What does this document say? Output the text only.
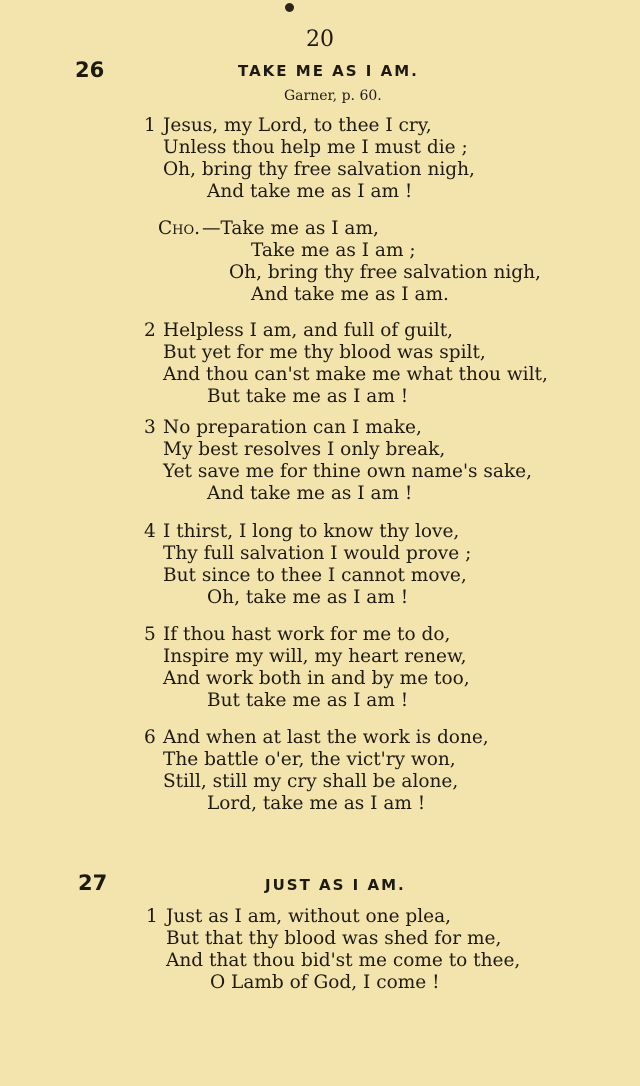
20
26	TAKE ME AS I AM.
Garner, p. 60.
1 Jesus, my Lord, to thee I cry,
Unless thou help me I must die ;
Oh, bring thy free salvation nigh,
And take me as I am !
Cho. —Take me as I am,
Take me as I am ;
Oh, bring thy free salvation nigh,
And take me as I am.
2 Helpless I am, and full of guilt,
But yet for me thy blood was spilt,
And thou can'st make me what thou wilt,
But take me as I am !
3 No preparation can I make,
My best resolves I only break,
Yet save me for thine own name's sake,
And take me as I am !
4 I thirst, I long to know thy love,
Thy full salvation I would prove ;
But since to thee I cannot move,
Oh, take me as I am !
5 If thou hast work for me to do,
Inspire my will, my heart renew,
And work both in and by me too,
But take me as I am !
6 And when at last the work is done,
The battle o'er, the vict'ry won,
Still, still my cry shall be alone,
Lord, take me as I am !
27	JUST AS I AM.
1 Just as I am, without one plea,
But that thy blood was shed for me,
And that thou bid'st me come to thee,
O Lamb of God, I come !
